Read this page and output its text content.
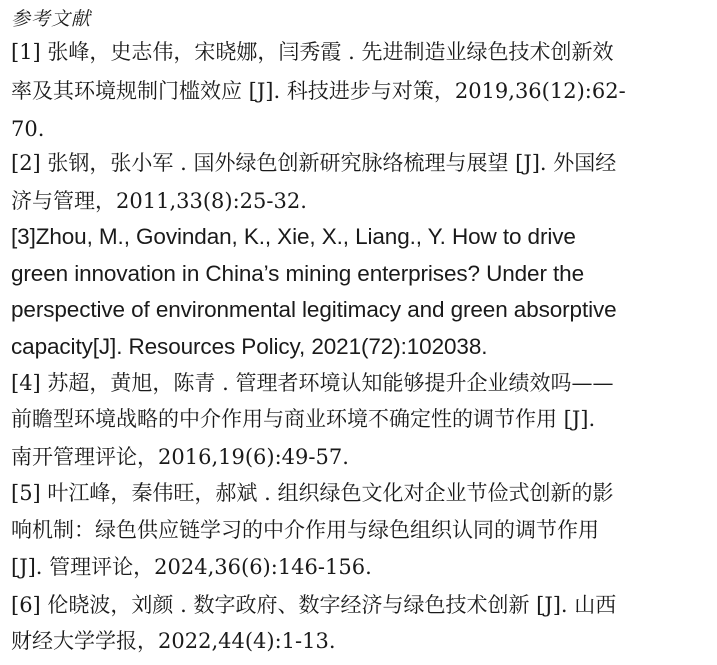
参考文献
[1] 张峰，史志伟，宋晓娜，闫秀霞 . 先进制造业绿色技术创新效
率及其环境规制门槛效应 [J]. 科技进步与对策，2019,36(12):62-
70.
[2] 张钢，张小军 . 国外绿色创新研究脉络梳理与展望 [J]. 外国经
济与管理，2011,33(8):25-32.
[3]Zhou, M., Govindan, K., Xie, X., Liang., Y. How to drive
green innovation in China’s mining enterprises? Under the
perspective of environmental legitimacy and green absorptive
capacity[J]. Resources Policy, 2021(72):102038.
[4] 苏超，黄旭，陈青 . 管理者环境认知能够提升企业绩效吗——
前瞻型环境战略的中介作用与商业环境不确定性的调节作用 [J].
南开管理评论，2016,19(6):49-57.
[5] 叶江峰，秦伟旺，郝斌 . 组织绿色文化对企业节俭式创新的影
响机制：绿色供应链学习的中介作用与绿色组织认同的调节作用
[J]. 管理评论，2024,36(6):146-156.
[6] 伦晓波，刘颜 . 数字政府、数字经济与绿色技术创新 [J]. 山西
财经大学学报，2022,44(4):1-13.
